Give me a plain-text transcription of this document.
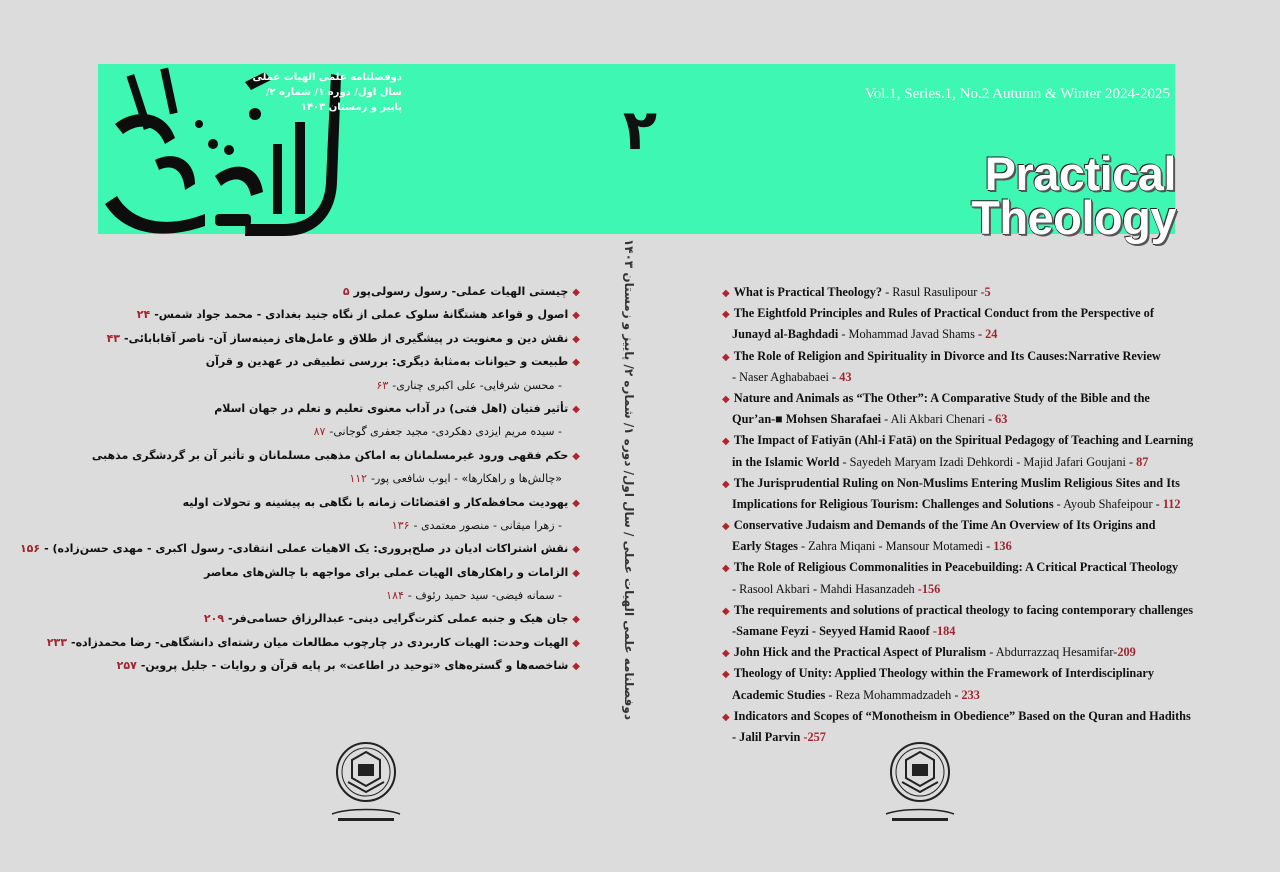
الهیات عملی
دوفصلنامه علمی الهیات عملی
سال اول/ دوره ۱/ شماره ۲/ پاییز و زمستان ۱۴۰۳	۲
Vol.1, Series.1, No.2 Autumn & Winter 2024-2025
Practical
Theology
دوفصلنامه علمی الهیات عملی / سال اول/ دوره ۱/ شماره ۲/ پاییز و زمستان ۱۴۰۳
◆چیستی الهیات عملی- رسول رسولی‌پور۵
◆اصول و قواعد هشتگانهٔ سلوک عملی از نگاه جنید بغدادی - محمد جواد شمس-۲۴
◆نقش دین و معنویت در پیشگیری از طلاق و عامل‌های زمینه‌ساز آن- ناصر آقابابائی-۴۳
◆طبیعت و حیوانات به‌مثابهٔ دیگری: بررسی تطبیقی در عهدین و قرآن
- محسن شرفایی- علی اکبری چناری-۶۳
◆تأثیر فتیان (اهل فتی) در آداب معنوی تعلیم و تعلم در جهان اسلام
- سیده مریم ایزدی دهکردی- مجید جعفری گوجانی-۸۷
◆حکم فقهی ورود غیرمسلمانان به اماکن مذهبی مسلمانان و تأثیر آن بر گردشگری مذهبی
«چالش‌ها و راهکارها» - ایوب شافعی پور-۱۱۲
◆یهودیت محافظه‌کار و اقتضائات زمانه با نگاهی به پیشینه و تحولات اولیه
- زهرا میقانی - منصور معتمدی -۱۳۶
◆نقش اشتراکات ادیان در صلح‌پروری: یک الاهیات عملی انتقادی- رسول اکبری - مهدی حسن‌زاده) -۱۵۶
◆الزامات و راهکارهای الهیات عملی برای مواجهه با چالش‌های معاصر
- سمانه فیضی- سید حمید رئوف -۱۸۴
◆جان هیک و جنبه عملی کثرت‌گرایی دینی- عبدالرزاق حسامی‌فر-۲۰۹
◆الهیات وحدت: الهیات کاربردی در چارچوب مطالعات میان رشته‌ای دانشگاهی- رضا محمدزاده-۲۳۳
◆شاخصه‌ها و گستره‌های «توحید در اطاعت» بر پایه قرآن و روایات - جلیل پروین-۲۵۷
◆ What is Practical Theology? - Rasul Rasulipour -5
◆ The Eightfold Principles and Rules of Practical Conduct from the Perspective of
Junayd al-Baghdadi - Mohammad Javad Shams - 24
◆ The Role of Religion and Spirituality in Divorce and Its Causes:Narrative Review
- Naser Aghababaei - 43
◆ Nature and Animals as “The Other”: A Comparative Study of the Bible and the
Qur’an-■ Mohsen Sharafaei - Ali Akbari Chenari - 63
◆ The Impact of Fatiyān (Ahl-i Fatā) on the Spiritual Pedagogy of Teaching and Learning
in the Islamic World - Sayedeh Maryam Izadi Dehkordi - Majid Jafari Goujani - 87
◆ The Jurisprudential Ruling on Non-Muslims Entering Muslim Religious Sites and Its
Implications for Religious Tourism: Challenges and Solutions - Ayoub Shafeipour - 112
◆ Conservative Judaism and Demands of the Time An Overview of Its Origins and
Early Stages - Zahra Miqani - Mansour Motamedi - 136
◆ The Role of Religious Commonalities in Peacebuilding: A Critical Practical Theology
- Rasool Akbari - Mahdi Hasanzadeh -156
◆ The requirements and solutions of practical theology to facing contemporary challenges
-Samane Feyzi - Seyyed Hamid Raoof -184
◆ John Hick and the Practical Aspect of Pluralism - Abdurrazzaq Hesamifar-209
◆ Theology of Unity: Applied Theology within the Framework of Interdisciplinary
Academic Studies - Reza Mohammadzadeh - 233
◆ Indicators and Scopes of “Monotheism in Obedience” Based on the Quran and Hadiths
- Jalil Parvin -257
